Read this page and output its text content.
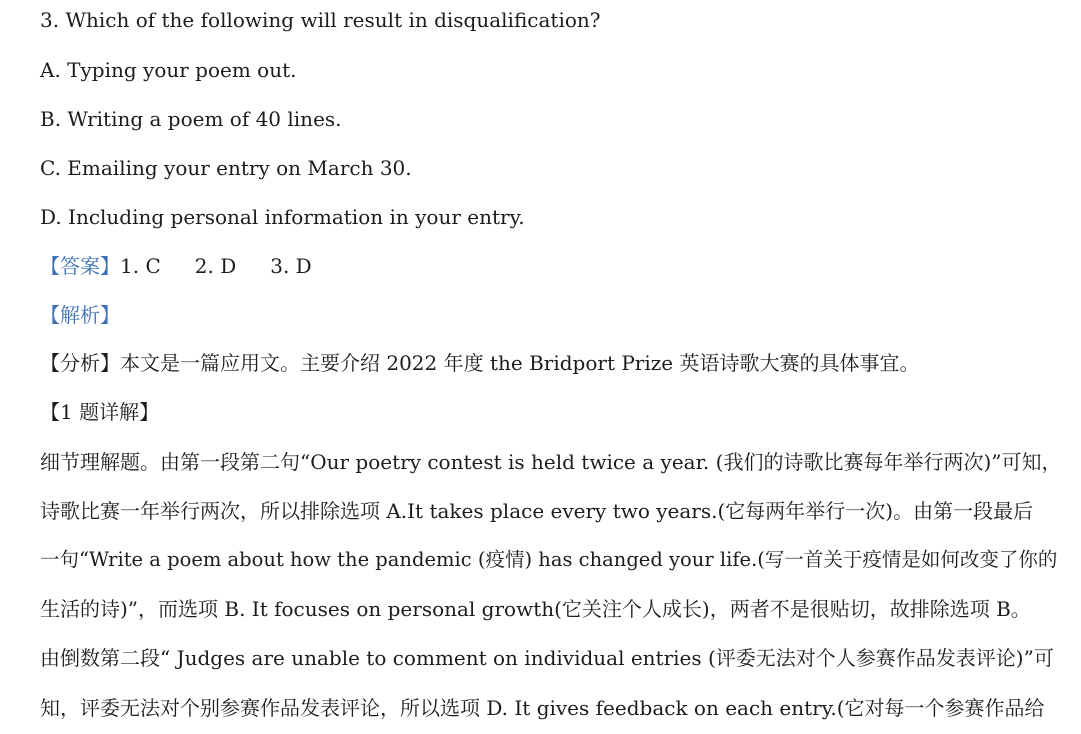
3. Which of the following will result in disqualification?
A. Typing your poem out.
B. Writing a poem of 40 lines.
C. Emailing your entry on March 30.
D. Including personal information in your entry.
【答案】1. C 2. D 3. D
【解析】
【分析】本文是一篇应用文。主要介绍 2022 年度 the Bridport Prize 英语诗歌大赛的具体事宜。
【1 题详解】
细节理解题。由第一段第二句“Our poetry contest is held twice a year. (我们的诗歌比赛每年举行两次)”可知，
诗歌比赛一年举行两次，所以排除选项 A.It takes place every two years.(它每两年举行一次)。由第一段最后
一句“Write a poem about how the pandemic (疫情) has changed your life.(写一首关于疫情是如何改变了你的
生活的诗)”，而选项 B. It focuses on personal growth(它关注个人成长)，两者不是很贴切，故排除选项 B。
由倒数第二段“ Judges are unable to comment on individual entries (评委无法对个人参赛作品发表评论)”可
知，评委无法对个别参赛作品发表评论，所以选项 D. It gives feedback on each entry.(它对每一个参赛作品给
